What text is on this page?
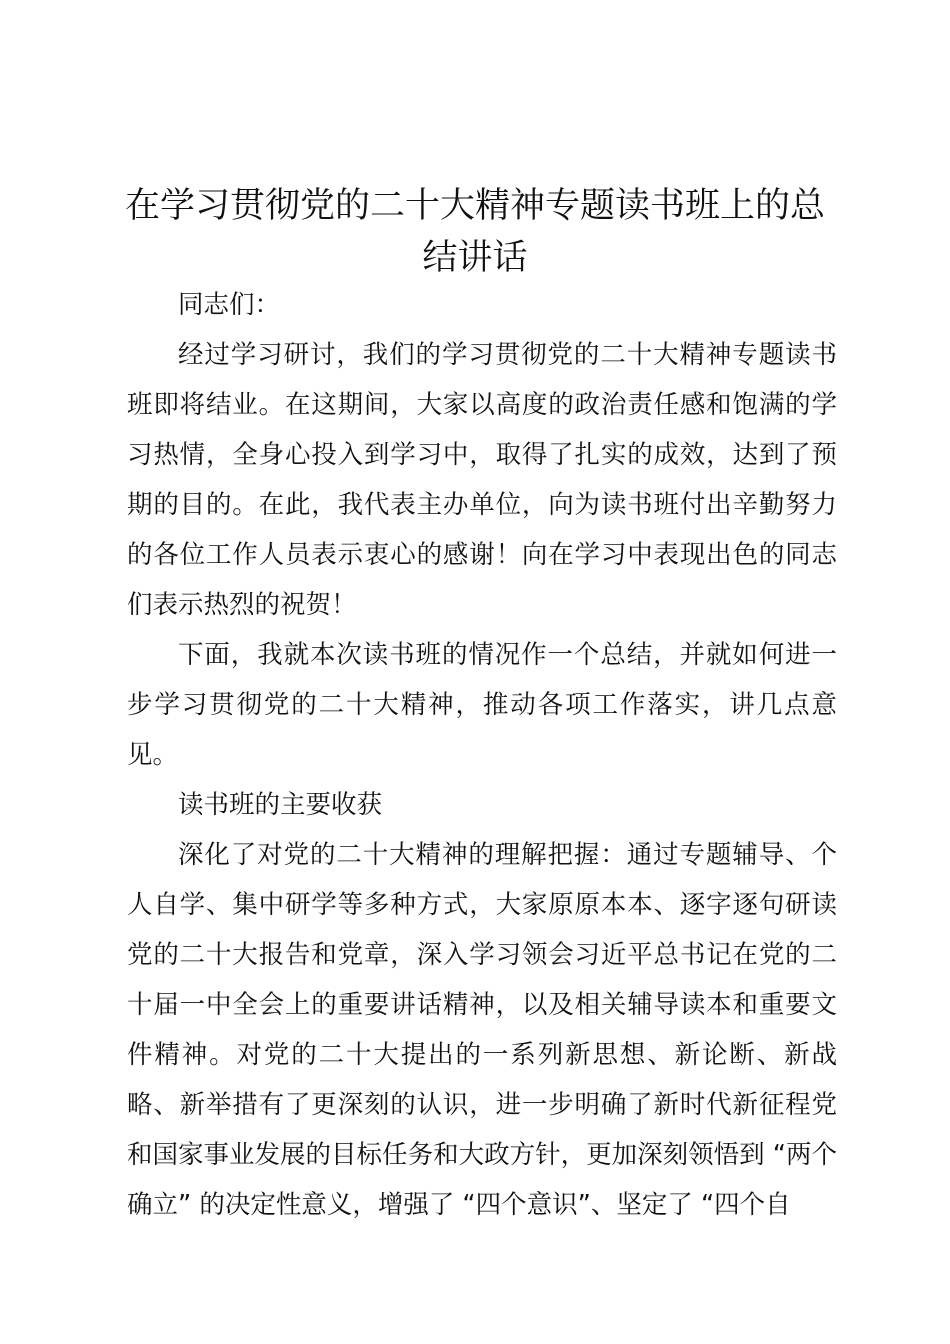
在学习贯彻党的二十大精神专题读书班上的总结讲话

同志们：

经过学习研讨，我们的学习贯彻党的二十大精神专题读书班即将结业。在这期间，大家以高度的政治责任感和饱满的学习热情，全身心投入到学习中，取得了扎实的成效，达到了预期的目的。在此，我代表主办单位，向为读书班付出辛勤努力的各位工作人员表示衷心的感谢！向在学习中表现出色的同志们表示热烈的祝贺！

下面，我就本次读书班的情况作一个总结，并就如何进一步学习贯彻党的二十大精神，推动各项工作落实，讲几点意见。

读书班的主要收获

深化了对党的二十大精神的理解把握：通过专题辅导、个人自学、集中研学等多种方式，大家原原本本、逐字逐句研读党的二十大报告和党章，深入学习领会习近平总书记在党的二十届一中全会上的重要讲话精神，以及相关辅导读本和重要文件精神。对党的二十大提出的一系列新思想、新论断、新战略、新举措有了更深刻的认识，进一步明确了新时代新征程党和国家事业发展的目标任务和大政方针，更加深刻领悟到 “两个确立” 的决定性意义，增强了 “四个意识”、坚定了 “四个自
